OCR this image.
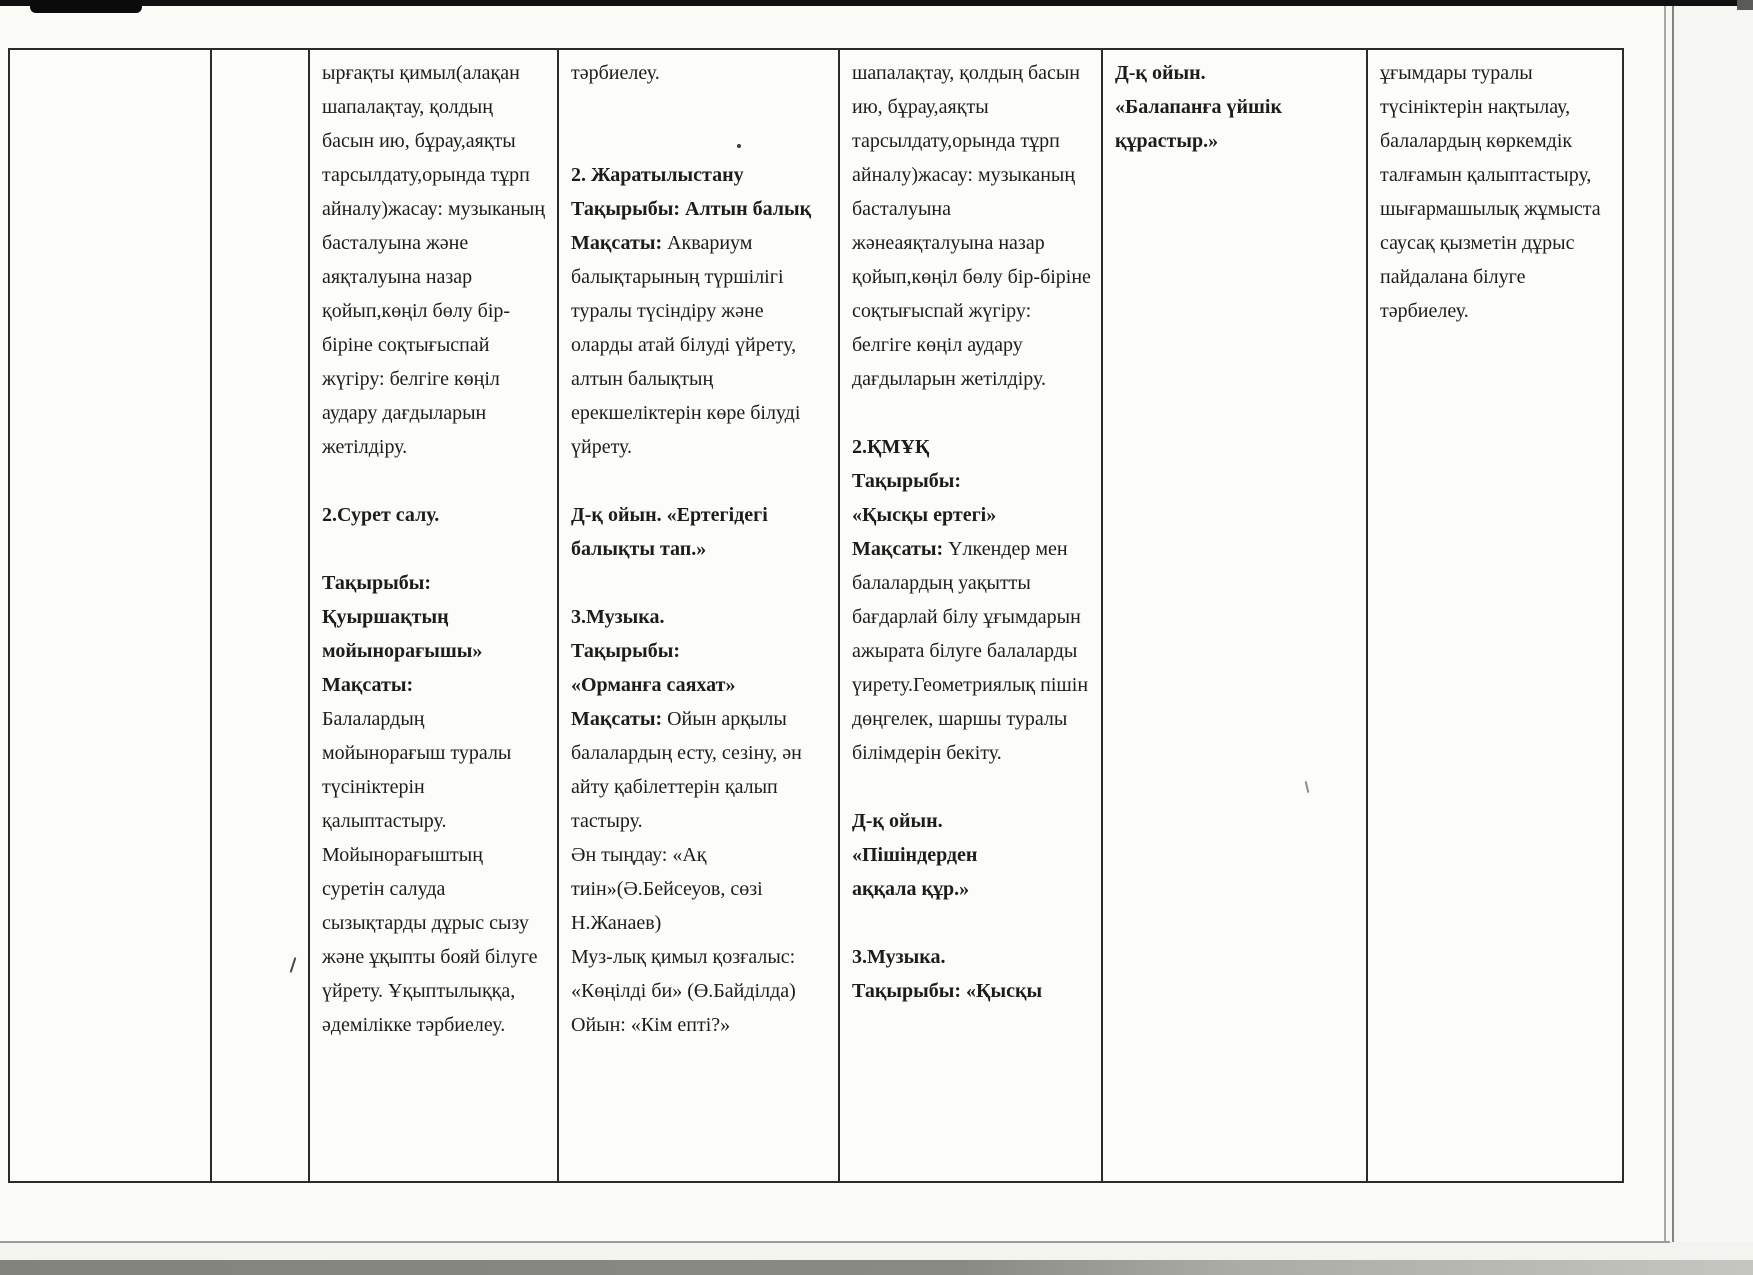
ырғақты қимыл(алақан шапалақтау, қолдың басын ию, бұрау,аяқты тарсылдату,орында тұрп айналу)жасау: музыканың басталуына және аяқталуына назар қойып,көңіл бөлу бір-біріне соқтығыспай жүгіру: белгіге көңіл аудару дағдыларын жетілдіру.
2.Сурет салу.
Тақырыбы:
Қуыршақтың мойынорағышы»
Мақсаты:
Балалардың мойынорағыш туралы түсініктерін қалыптастыру. Мойынорағыштың суретін салуда сызықтарды дұрыс сызу және ұқыпты бояй білуге үйрету. Ұқыптылыққа, әдемілікке тәрбиелеу.
тәрбиелеу.
2. Жаратылыстану
Тақырыбы: Алтын балық
Мақсаты: Аквариум балықтарының түршілігі туралы түсіндіру және оларды атай білуді үйрету, алтын балықтың ерекшеліктерін көре білуді үйрету.
Д-қ ойын. «Ертегідегі балықты тап.»
3.Музыка.
Тақырыбы:
«Орманға саяхат»
Мақсаты: Ойын арқылы балалардың есту, сезіну, ән айту қабілеттерін қалып тастыру.
Ән тыңдау: «Ақ тиін»(Ә.Бейсеуов, сөзі Н.Жанаев)
Муз-лық қимыл қозғалыс:
«Көңілді би» (Ө.Байділда)
Ойын: «Кім епті?»
шапалақтау, қолдың басын ию, бұрау,аяқты тарсылдату,орында тұрп айналу)жасау: музыканың басталуына жәнеаяқталуына назар қойып,көңіл бөлу бір-біріне соқтығыспай жүгіру: белгіге көңіл аудару дағдыларын жетілдіру.
2.ҚМҰҚ
Тақырыбы:
«Қысқы ертегі»
Мақсаты: Үлкендер мен балалардың уақытты бағдарлай білу ұғымдарын ажырата білуге балаларды үирету.Геометриялық пішін дөңгелек, шаршы туралы білімдерін бекіту.
Д-қ ойын.
«Пішіндерден
аққала құр.»
3.Музыка.
Тақырыбы: «Қысқы
Д-қ ойын.
«Балапанға үйшік құрастыр.»
ұғымдары туралы түсініктерін нақтылау, балалардың көркемдік талғамын қалыптастыру, шығармашылық жұмыста саусақ қызметін дұрыс пайдалана білуге тәрбиелеу.
